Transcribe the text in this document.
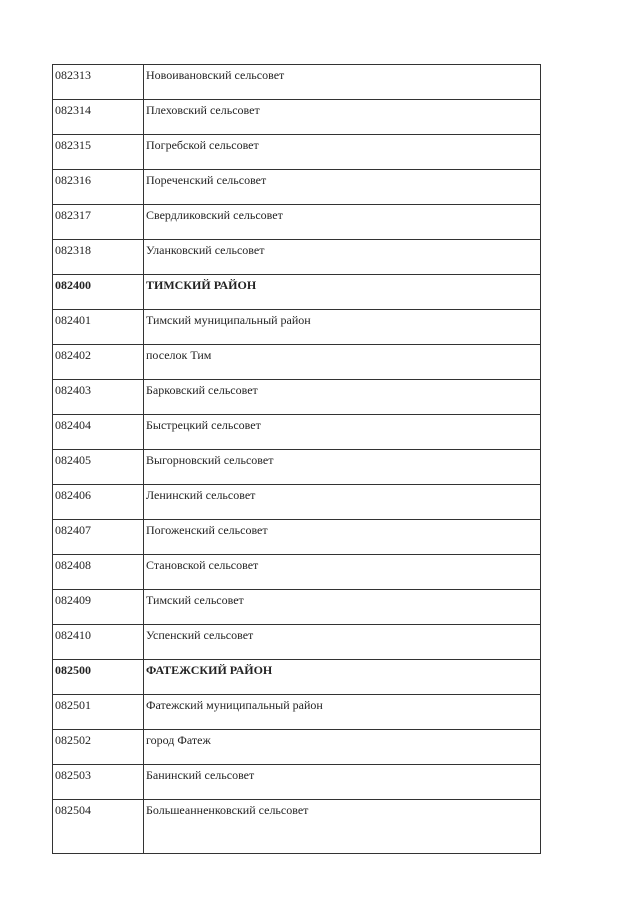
082313	Новоивановский сельсовет
082314	Плеховский сельсовет
082315	Погребской сельсовет
082316	Пореченский сельсовет
082317	Свердликовский сельсовет
082318	Уланковский сельсовет
082400	ТИМСКИЙ РАЙОН
082401	Тимский муниципальный район
082402	поселок Тим
082403	Барковский сельсовет
082404	Быстрецкий сельсовет
082405	Выгорновский сельсовет
082406	Ленинский сельсовет
082407	Погоженский сельсовет
082408	Становской сельсовет
082409	Тимский сельсовет
082410	Успенский сельсовет
082500	ФАТЕЖСКИЙ РАЙОН
082501	Фатежский муниципальный район
082502	город Фатеж
082503	Банинский сельсовет
082504	Большеанненковский сельсовет
